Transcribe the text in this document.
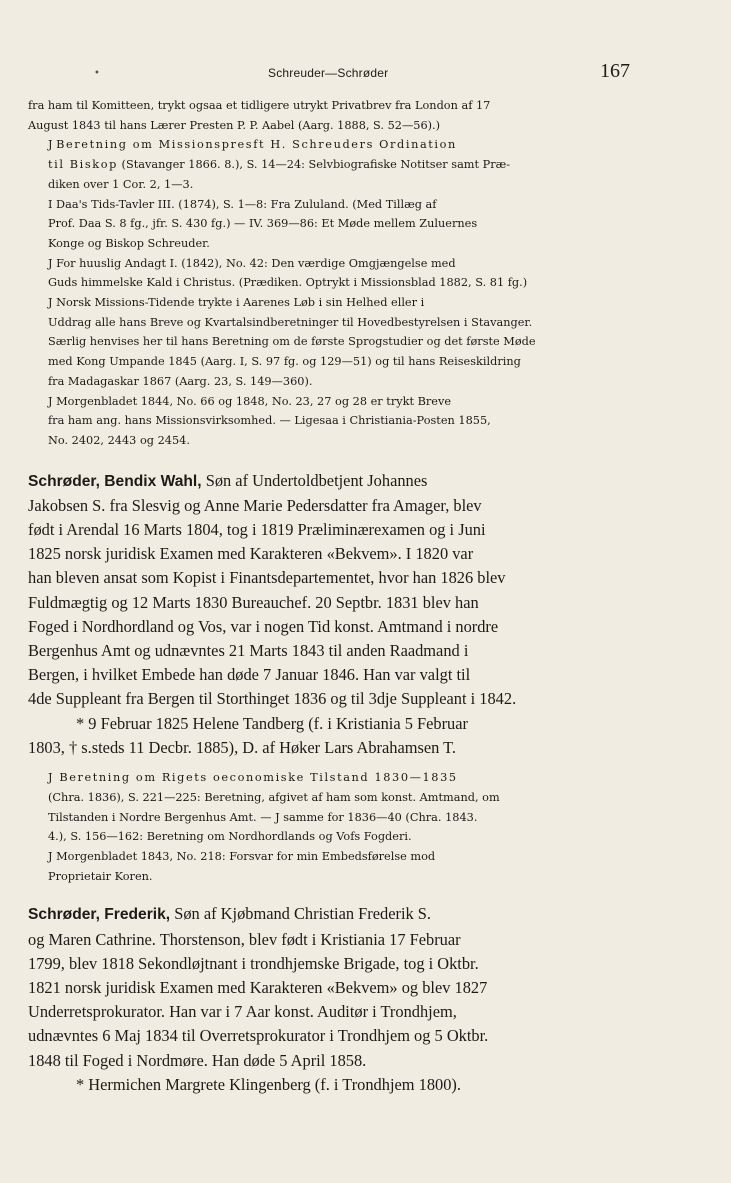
•	Schreuder—Schrøder	167

fra ham til Komitteen, trykt ogsaa et tidligere utrykt Privatbrev fra London af 17
August 1843 til hans Lærer Presten P. P. Aabel (Aarg. 1888, S. 52—56).)

J Beretning om Missionspresft H. Schreuders Ordination
til Biskop (Stavanger 1866. 8.), S. 14—24: Selvbiografiske Notitser samt Præ-
diken over 1 Cor. 2, 1—3.

I Daa's Tids-Tavler III. (1874), S. 1—8: Fra Zululand. (Med Tillæg af
Prof. Daa S. 8 fg., jfr. S. 430 fg.) — IV. 369—86: Et Møde mellem Zuluernes
Konge og Biskop Schreuder.

J For huuslig Andagt I. (1842), No. 42: Den værdige Omgjængelse med
Guds himmelske Kald i Christus. (Prædiken. Optrykt i Missionsblad 1882, S. 81 fg.)

J Norsk Missions-Tidende trykte i Aarenes Løb i sin Helhed eller i
Uddrag alle hans Breve og Kvartalsindberetninger til Hovedbestyrelsen i Stavanger.
Særlig henvises her til hans Beretning om de første Sprogstudier og det første Møde
med Kong Umpande 1845 (Aarg. I, S. 97 fg. og 129—51) og til hans Reiseskildring
fra Madagaskar 1867 (Aarg. 23, S. 149—360).

J Morgenbladet 1844, No. 66 og 1848, No. 23, 27 og 28 er trykt Breve
fra ham ang. hans Missionsvirksomhed. — Ligesaa i Christiania-Posten 1855,
No. 2402, 2443 og 2454.

Schrøder, Bendix Wahl, Søn af Undertoldbetjent Johannes
Jakobsen S. fra Slesvig og Anne Marie Pedersdatter fra Amager, blev
født i Arendal 16 Marts 1804, tog i 1819 Præliminærexamen og i Juni
1825 norsk juridisk Examen med Karakteren «Bekvem». I 1820 var
han bleven ansat som Kopist i Finantsdepartementet, hvor han 1826 blev
Fuldmægtig og 12 Marts 1830 Bureauchef. 20 Septbr. 1831 blev han
Foged i Nordhordland og Vos, var i nogen Tid konst. Amtmand i nordre
Bergenhus Amt og udnævntes 21 Marts 1843 til anden Raadmand i
Bergen, i hvilket Embede han døde 7 Januar 1846. Han var valgt til
4de Suppleant fra Bergen til Storthinget 1836 og til 3dje Suppleant i 1842.

* 9 Februar 1825 Helene Tandberg (f. i Kristiania 5 Februar

1803, † s.steds 11 Decbr. 1885), D. af Høker Lars Abrahamsen T.

J Beretning om Rigets oeconomiske Tilstand 1830—1835
(Chra. 1836), S. 221—225: Beretning, afgivet af ham som konst. Amtmand, om
Tilstanden i Nordre Bergenhus Amt. — J samme for 1836—40 (Chra. 1843.
4.), S. 156—162: Beretning om Nordhordlands og Vofs Fogderi.

J Morgenbladet 1843, No. 218: Forsvar for min Embedsførelse mod
Proprietair Koren.

Schrøder, Frederik, Søn af Kjøbmand Christian Frederik S.
og Maren Cathrine. Thorstenson, blev født i Kristiania 17 Februar
1799, blev 1818 Sekondløjtnant i trondhjemske Brigade, tog i Oktbr.
1821 norsk juridisk Examen med Karakteren «Bekvem» og blev 1827
Underretsprokurator. Han var i 7 Aar konst. Auditør i Trondhjem,
udnævntes 6 Maj 1834 til Overretsprokurator i Trondhjem og 5 Oktbr.
1848 til Foged i Nordmøre. Han døde 5 April 1858.

* Hermichen Margrete Klingenberg (f. i Trondhjem 1800).
